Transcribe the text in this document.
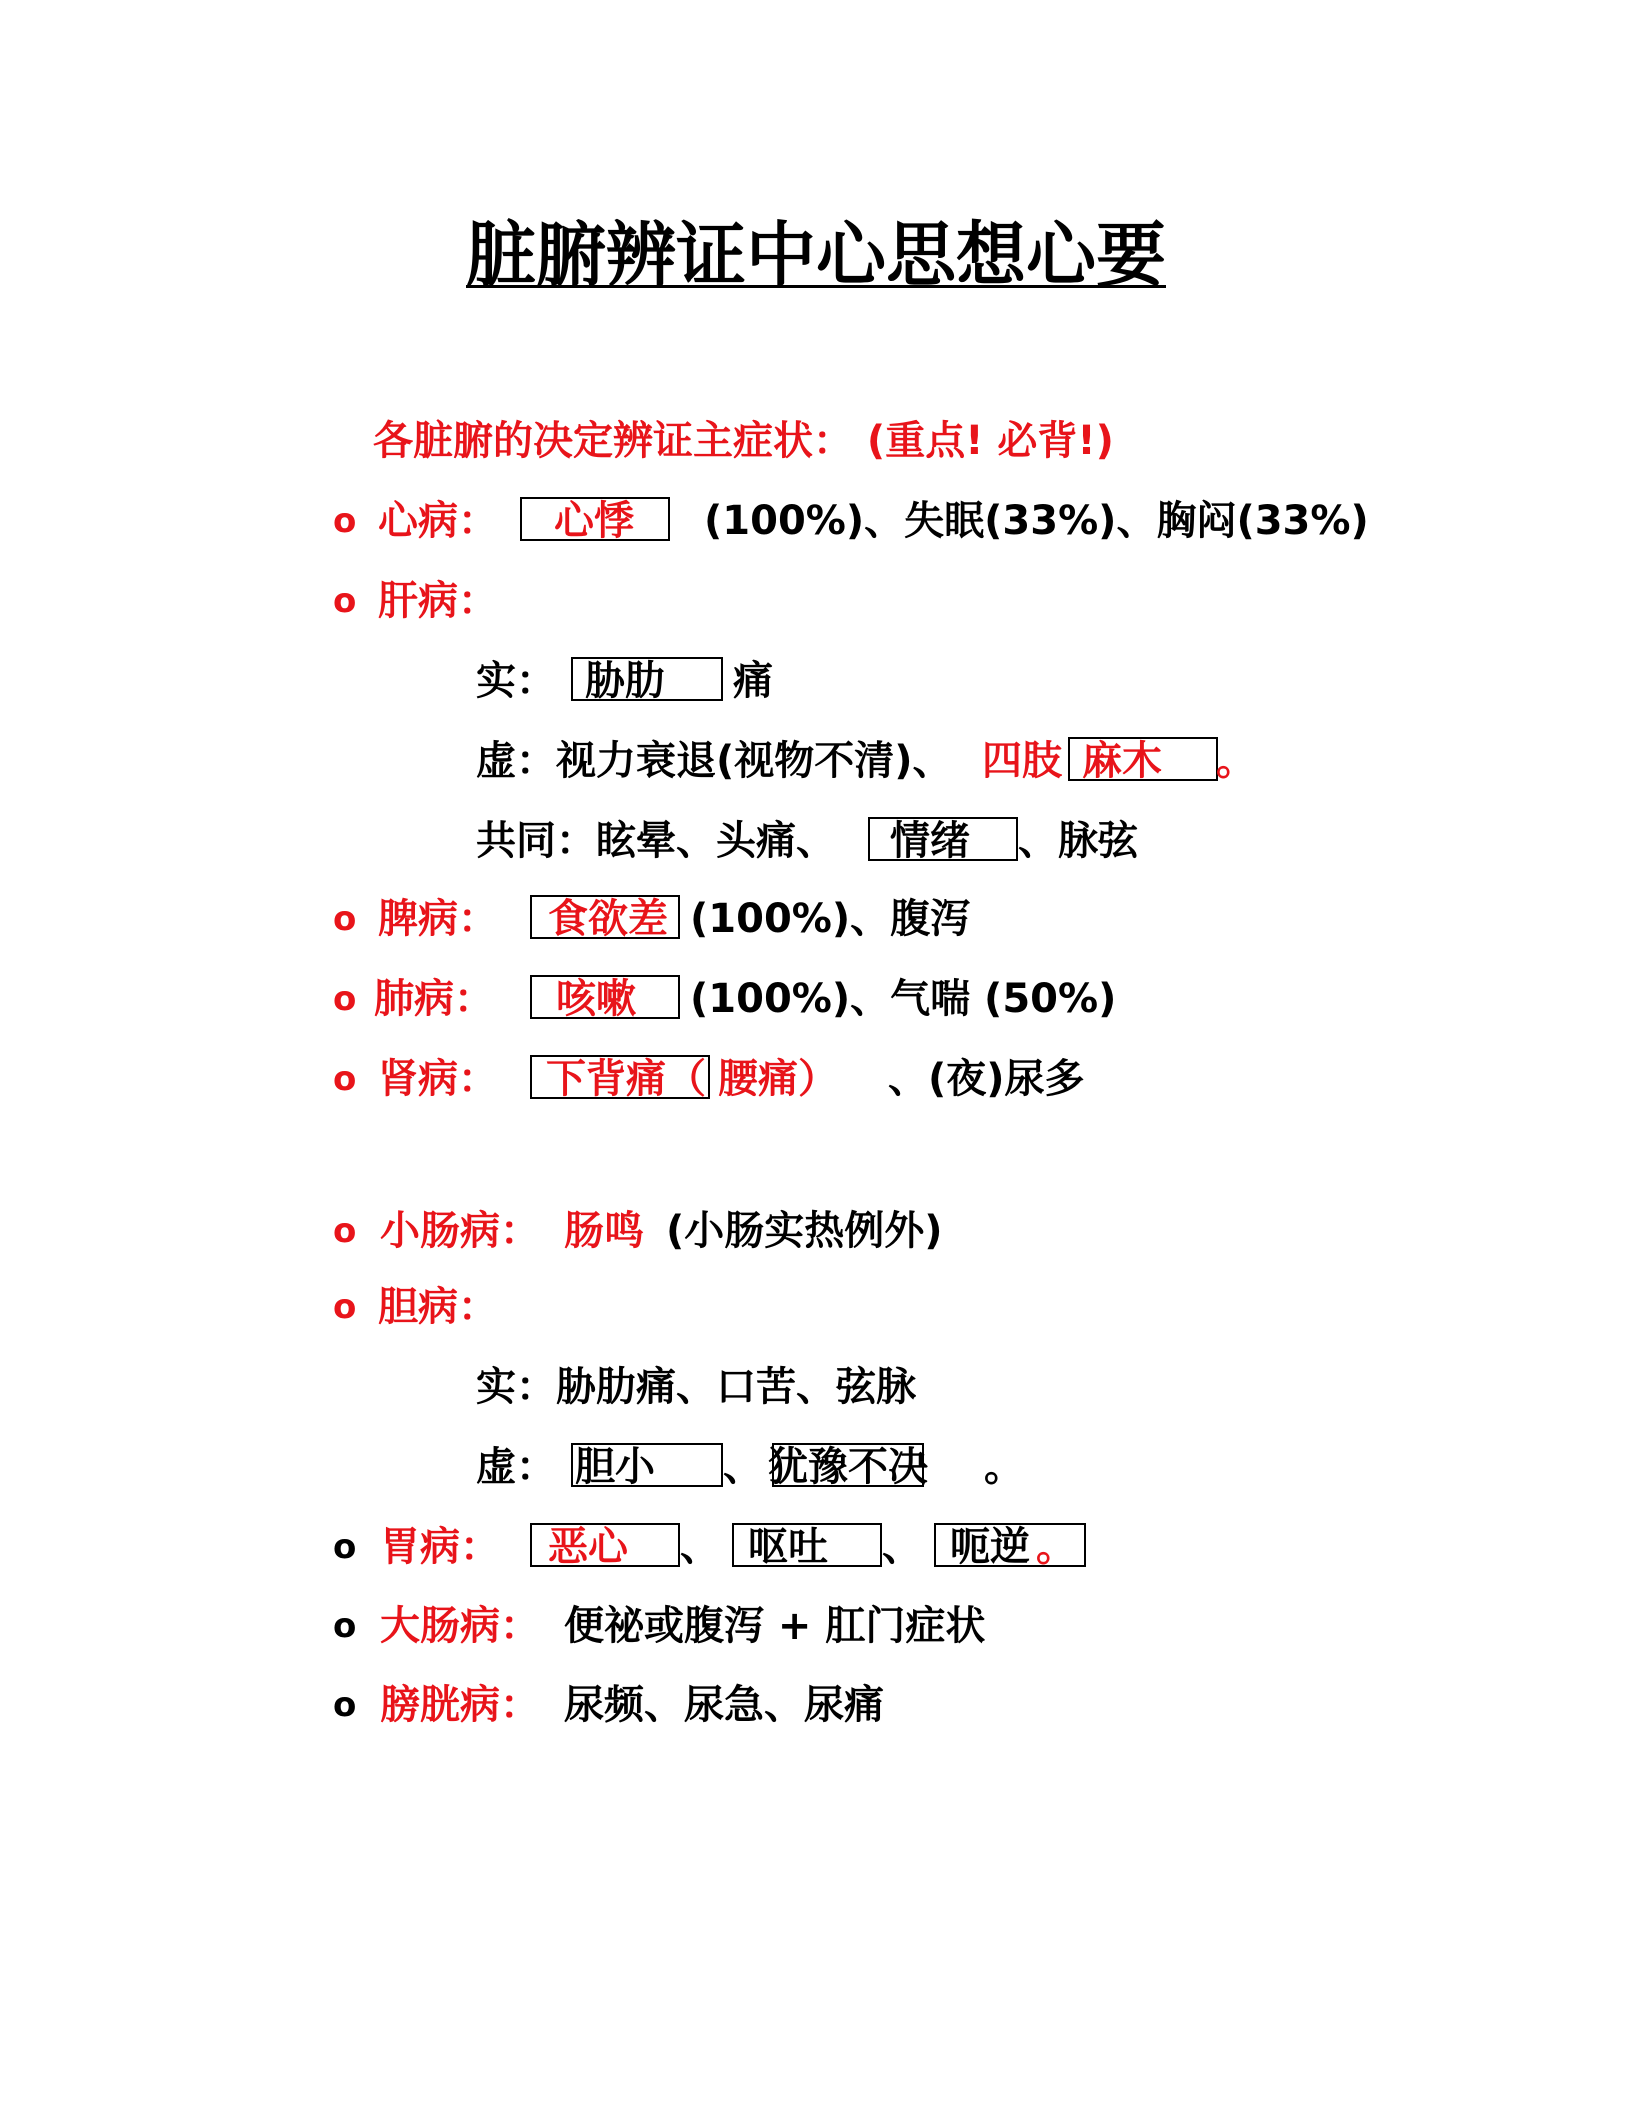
脏腑辨证中心思想心要
各脏腑的决定辨证主症状： (重点! 必背!)
o 心病： 心悸 (100%)、失眠(33%)、胸闷(33%)
o 肝病：
实： 胁肋 痛
虚：视力衰退(视物不清)、 四肢 麻木 。
共同：眩晕、头痛、 情绪 、脉弦
o 脾病： 食欲差 (100%)、腹泻
o 肺病： 咳嗽 (100%)、气喘 (50%)
o 肾病： 下背痛（ 腰痛） 、(夜)尿多
o 小肠病： 肠鸣 (小肠实热例外)
o 胆病：
实：胁肋痛、口苦、弦脉
虚： 胆小 、 犹豫不决 。
o 胃病： 恶心 、 呕吐 、 呃逆 。
o 大肠病： 便祕或腹泻 + 肛门症状
o 膀胱病： 尿频、尿急、尿痛
